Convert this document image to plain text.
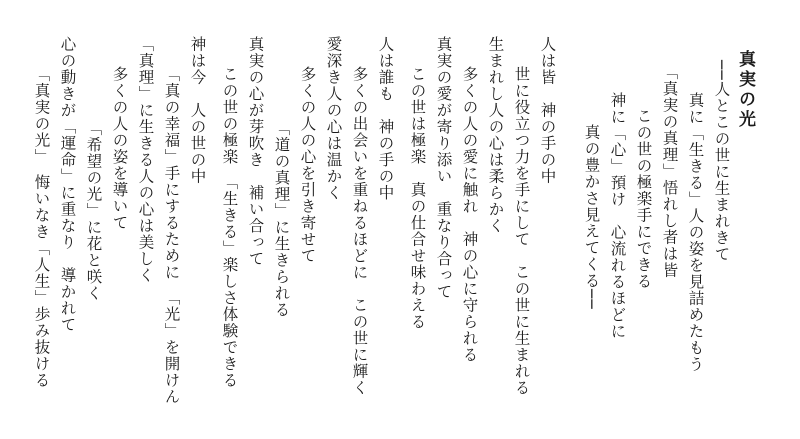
真実の光
──人とこの世に生まれきて
真に「生きる」人の姿を見詰めたもう
「真実の真理」悟れし者は皆
この世の極楽手にできる
神に「心」預け　心流れるほどに
真の豊かさ見えてくる──
人は皆　神の手の中
世に役立つ力を手にして　この世に生まれる
生まれし人の心は柔らかく
多くの人の愛に触れ　神の心に守られる
真実の愛が寄り添い　重なり合って
この世は極楽　真の仕合せ味わえる
人は誰も　神の手の中
多くの出会いを重ねるほどに　この世に輝く
愛深き人の心は温かく
多くの人の心を引き寄せて
「道の真理」に生きられる
真実の心が芽吹き　補い合って
この世の極楽　「生きる」楽しさ体験できる
神は今　人の世の中
「真の幸福」手にするために　「光」を開けん
「真理」に生きる人の心は美しく
多くの人の姿を導いて
「希望の光」に花と咲く
心の動きが「運命」に重なり　導かれて
「真実の光」　悔いなき「人生」歩み抜ける
